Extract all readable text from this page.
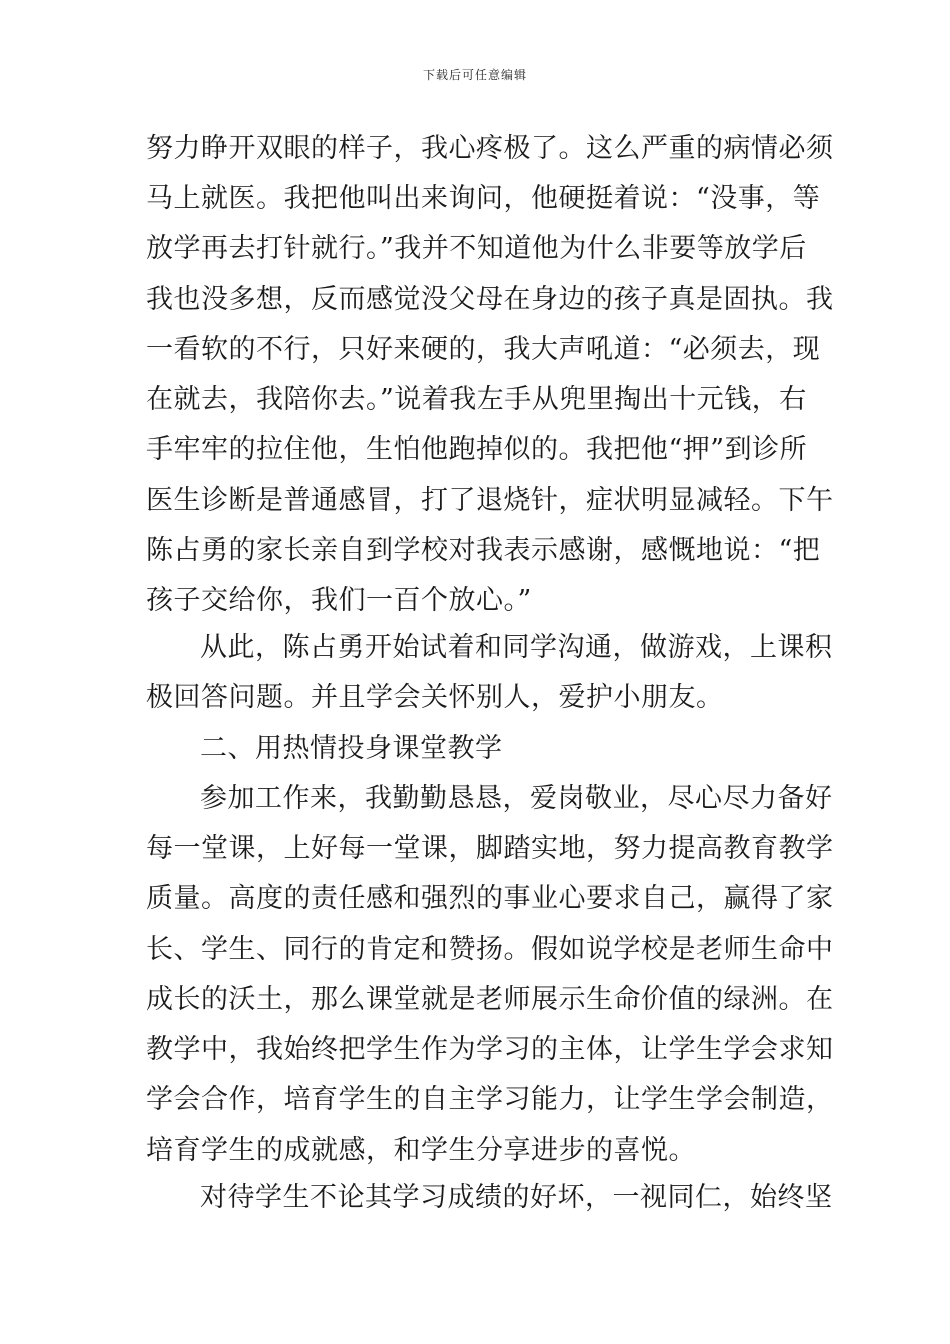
下载后可任意编辑
努力睁开双眼的样子，我心疼极了。这么严重的病情必须
马上就医。我把他叫出来询问，他硬挺着说：“没事，等
放学再去打针就行。”我并不知道他为什么非要等放学后
我也没多想，反而感觉没父母在身边的孩子真是固执。我
一看软的不行，只好来硬的，我大声吼道：“必须去，现
在就去，我陪你去。”说着我左手从兜里掏出十元钱，右
手牢牢的拉住他，生怕他跑掉似的。我把他“押”到诊所
医生诊断是普通感冒，打了退烧针，症状明显减轻。下午
陈占勇的家长亲自到学校对我表示感谢，感慨地说：“把
孩子交给你，我们一百个放心。”
从此，陈占勇开始试着和同学沟通，做游戏，上课积
极回答问题。并且学会关怀别人，爱护小朋友。
二、用热情投身课堂教学
参加工作来，我勤勤恳恳，爱岗敬业，尽心尽力备好
每一堂课，上好每一堂课，脚踏实地，努力提高教育教学
质量。高度的责任感和强烈的事业心要求自己，赢得了家
长、学生、同行的肯定和赞扬。假如说学校是老师生命中
成长的沃土，那么课堂就是老师展示生命价值的绿洲。在
教学中，我始终把学生作为学习的主体，让学生学会求知
学会合作，培育学生的自主学习能力，让学生学会制造，
培育学生的成就感，和学生分享进步的喜悦。
对待学生不论其学习成绩的好坏，一视同仁，始终坚
